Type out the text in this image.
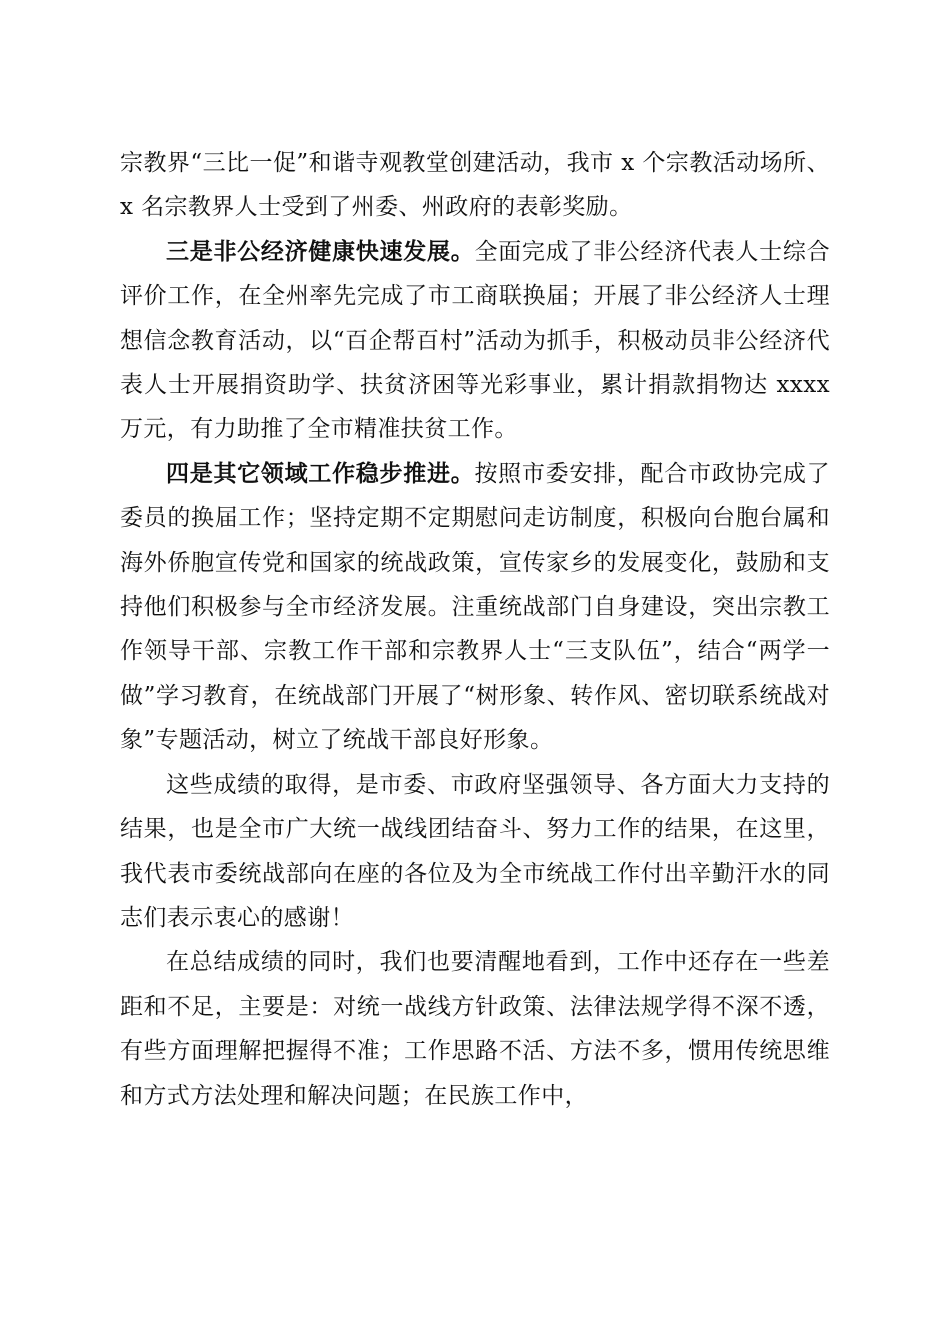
宗教界“三比一促”和谐寺观教堂创建活动，我市 x 个宗教活动场所、x 名宗教界人士受到了州委、州政府的表彰奖励。

三是非公经济健康快速发展。全面完成了非公经济代表人士综合评价工作，在全州率先完成了市工商联换届；开展了非公经济人士理想信念教育活动，以“百企帮百村”活动为抓手，积极动员非公经济代表人士开展捐资助学、扶贫济困等光彩事业，累计捐款捐物达 xxxx 万元，有力助推了全市精准扶贫工作。

四是其它领域工作稳步推进。按照市委安排，配合市政协完成了委员的换届工作；坚持定期不定期慰问走访制度，积极向台胞台属和海外侨胞宣传党和国家的统战政策，宣传家乡的发展变化，鼓励和支持他们积极参与全市经济发展。注重统战部门自身建设，突出宗教工作领导干部、宗教工作干部和宗教界人士“三支队伍”，结合“两学一做”学习教育，在统战部门开展了“树形象、转作风、密切联系统战对象”专题活动，树立了统战干部良好形象。

这些成绩的取得，是市委、市政府坚强领导、各方面大力支持的结果，也是全市广大统一战线团结奋斗、努力工作的结果，在这里，我代表市委统战部向在座的各位及为全市统战工作付出辛勤汗水的同志们表示衷心的感谢！

在总结成绩的同时，我们也要清醒地看到，工作中还存在一些差距和不足，主要是：对统一战线方针政策、法律法规学得不深不透，有些方面理解把握得不准；工作思路不活、方法不多，惯用传统思维和方式方法处理和解决问题；在民族工作中，
